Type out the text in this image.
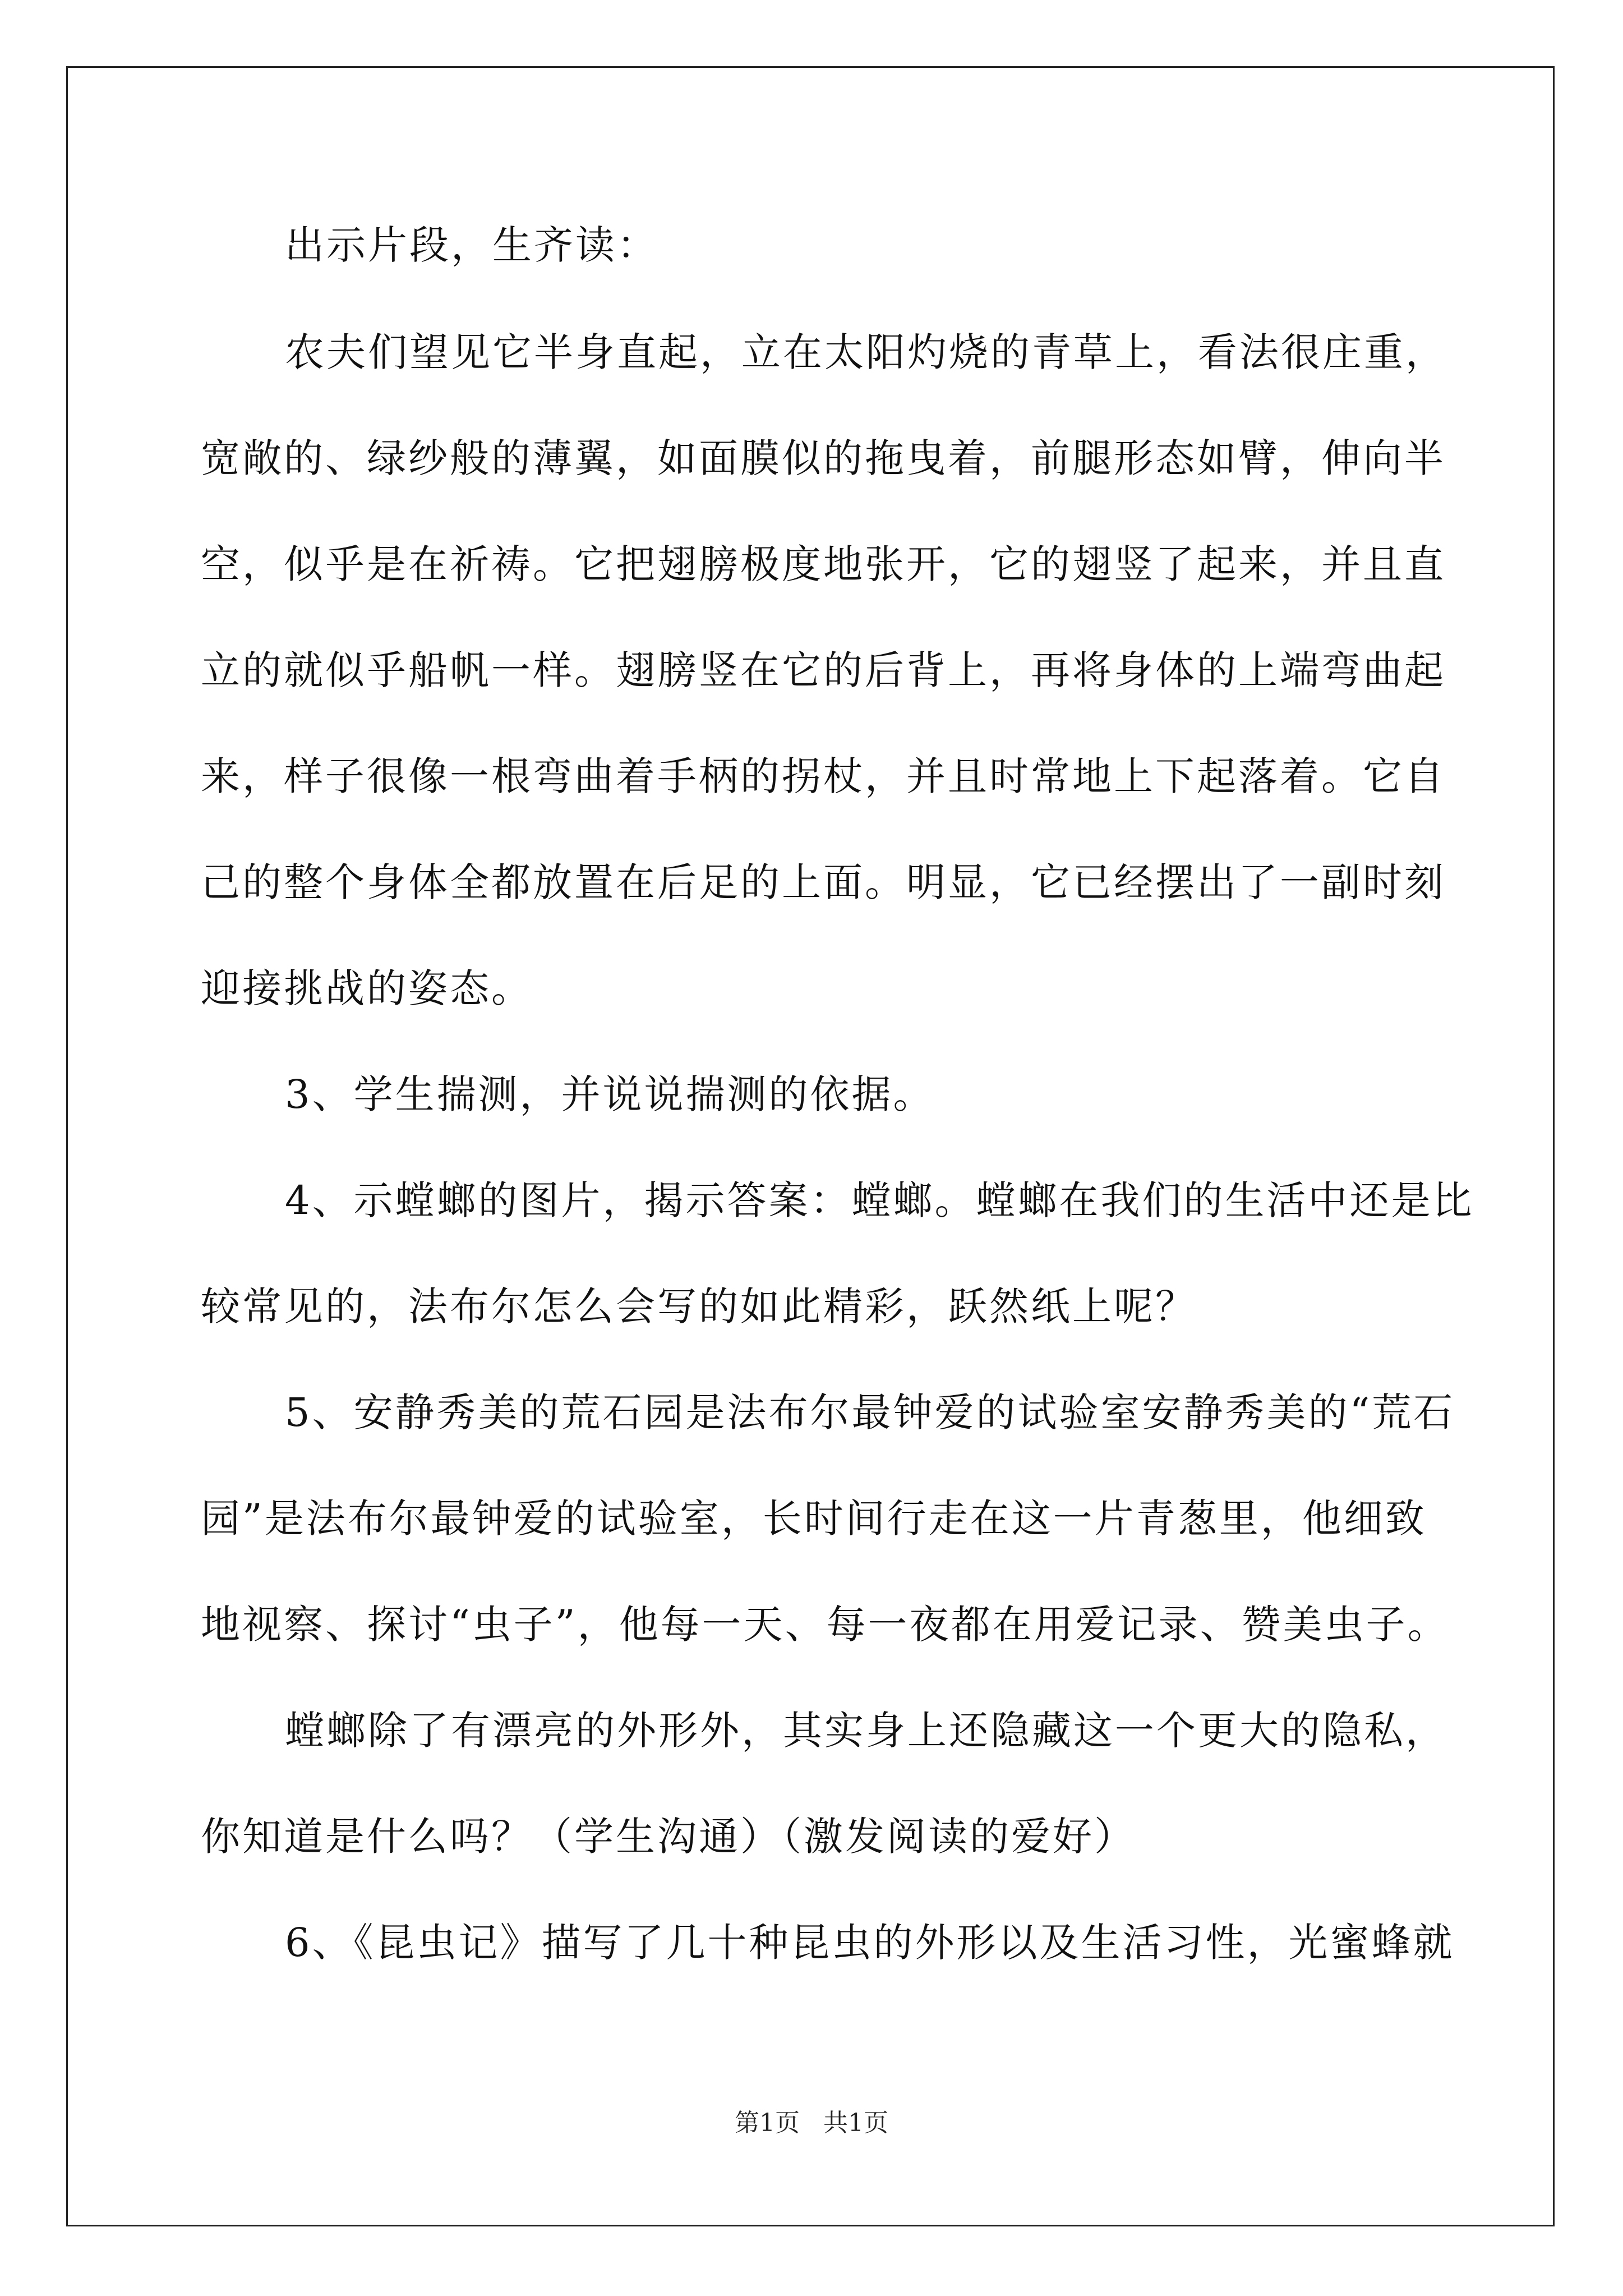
出示片段，生齐读：
农夫们望见它半身直起，立在太阳灼烧的青草上，看法很庄重，
宽敞的、绿纱般的薄翼，如面膜似的拖曳着，前腿形态如臂，伸向半
空，似乎是在祈祷。它把翅膀极度地张开，它的翅竖了起来，并且直
立的就似乎船帆一样。翅膀竖在它的后背上，再将身体的上端弯曲起
来，样子很像一根弯曲着手柄的拐杖，并且时常地上下起落着。它自
己的整个身体全都放置在后足的上面。明显，它已经摆出了一副时刻
迎接挑战的姿态。
3、学生揣测，并说说揣测的依据。
4、示螳螂的图片，揭示答案：螳螂。螳螂在我们的生活中还是比
较常见的，法布尔怎么会写的如此精彩，跃然纸上呢？
5、安静秀美的荒石园是法布尔最钟爱的试验室安静秀美的“荒石
园”是法布尔最钟爱的试验室，长时间行走在这一片青葱里，他细致
地视察、探讨“虫子”，他每一天、每一夜都在用爱记录、赞美虫子。
螳螂除了有漂亮的外形外，其实身上还隐藏这一个更大的隐私，
你知道是什么吗？（学生沟通）（激发阅读的爱好）
6、《昆虫记》描写了几十种昆虫的外形以及生活习性，光蜜蜂就
第1页 共1页
